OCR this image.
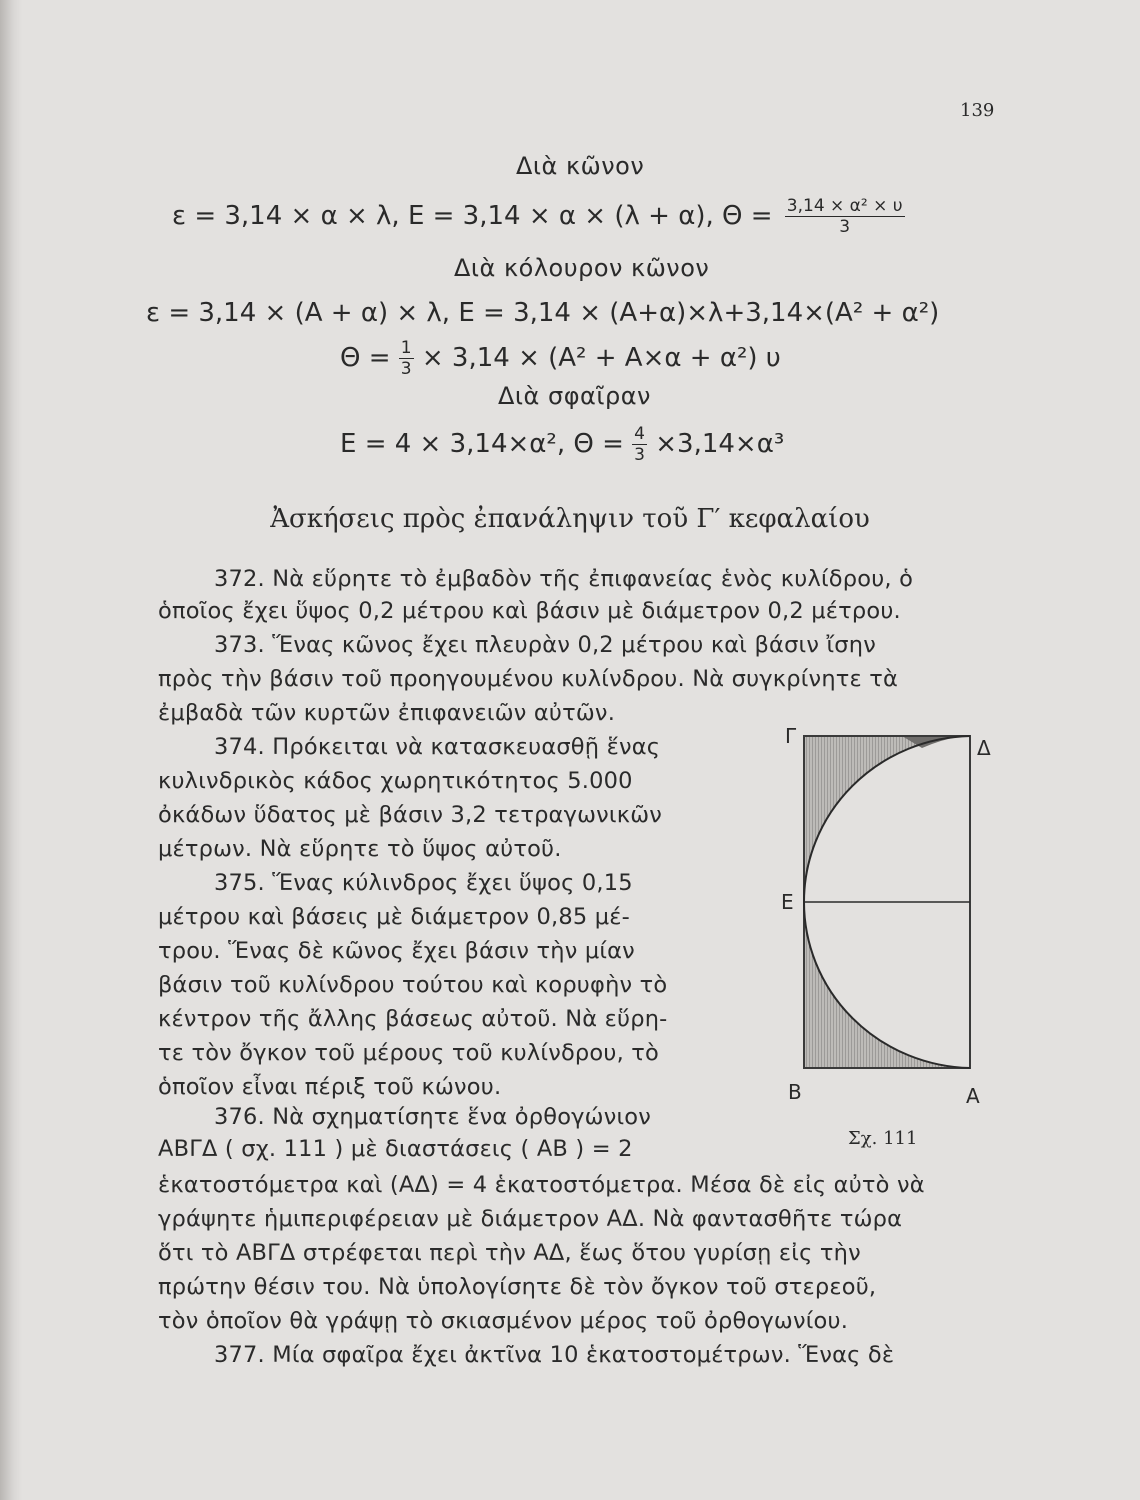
139
Διὰ κῶνον
ε = 3,14 × α × λ, Ε = 3,14 × α × (λ + α), $\Theta = \frac{\text{3,14 × α² × υ}}{3}$
Διὰ κόλουρον κῶνον
ε = 3,14 × (Α + α) × λ, Ε = 3,14 × (Α+α)×λ+3,14×(Α² + α²)
$\Theta = \frac{1}{3} \times 3,14 \times (A^2 + A\times\alpha + \alpha^2)$ υ
Διὰ σφαῖραν
Ε = 4 × 3,14×α², $\Theta = \frac{4}{3} \times 3,14\times\alpha^3$
Ἀσκήσεις πρὸς ἐπανάληψιν τοῦ Γ′ κεφαλαίου
372. Νὰ εὕρητε τὸ ἐμβαδὸν τῆς ἐπιφανείας ἑνὸς κυλίδρου, ὁ
ὁποῖος ἔχει ὕψος 0,2 μέτρου καὶ βάσιν μὲ διάμετρον 0,2 μέτρου.
373. Ἕνας κῶνος ἔχει πλευρὰν 0,2 μέτρου καὶ βάσιν ἴσην
πρὸς τὴν βάσιν τοῦ προηγουμένου κυλίνδρου. Νὰ συγκρίνητε τὰ
ἐμβαδὰ τῶν κυρτῶν ἐπιφανειῶν αὐτῶν.
374. Πρόκειται νὰ κατασκευασθῇ ἕνας
κυλινδρικὸς κάδος χωρητικότητος 5.000
ὀκάδων ὕδατος μὲ βάσιν 3,2 τετραγωνικῶν
μέτρων. Νὰ εὕρητε τὸ ὕψος αὐτοῦ.
375. Ἕνας κύλινδρος ἔχει ὕψος 0,15
μέτρου καὶ βάσεις μὲ διάμετρον 0,85 μέ-
τρου. Ἕνας δὲ κῶνος ἔχει βάσιν τὴν μίαν
βάσιν τοῦ κυλίνδρου τούτου καὶ κορυφὴν τὸ
κέντρον τῆς ἄλλης βάσεως αὐτοῦ. Νὰ εὕρη-
τε τὸν ὄγκον τοῦ μέρους τοῦ κυλίνδρου, τὸ
ὁποῖον εἶναι πέριξ τοῦ κώνου.
376. Νὰ σχηματίσητε ἕνα ὀρθογώνιον
ΑΒΓΔ ( σχ. 111 ) μὲ διαστάσεις ( ΑΒ ) = 2
ἑκατοστόμετρα καὶ (ΑΔ) = 4 ἑκατοστόμετρα. Μέσα δὲ εἰς αὐτὸ νὰ
γράψητε ἡμιπεριφέρειαν μὲ διάμετρον ΑΔ. Νὰ φαντασθῆτε τώρα
ὅτι τὸ ΑΒΓΔ στρέφεται περὶ τὴν ΑΔ, ἕως ὅτου γυρίσῃ εἰς τὴν
πρώτην θέσιν του. Νὰ ὑπολογίσητε δὲ τὸν ὄγκον τοῦ στερεοῦ,
τὸν ὁποῖον θὰ γράψῃ τὸ σκιασμένον μέρος τοῦ ὀρθογωνίου.
377. Μία σφαῖρα ἔχει ἀκτῖνα 10 ἑκατοστομέτρων. Ἕνας δὲ
Γ	Δ
Ε
Β	Α
Σχ. 111
